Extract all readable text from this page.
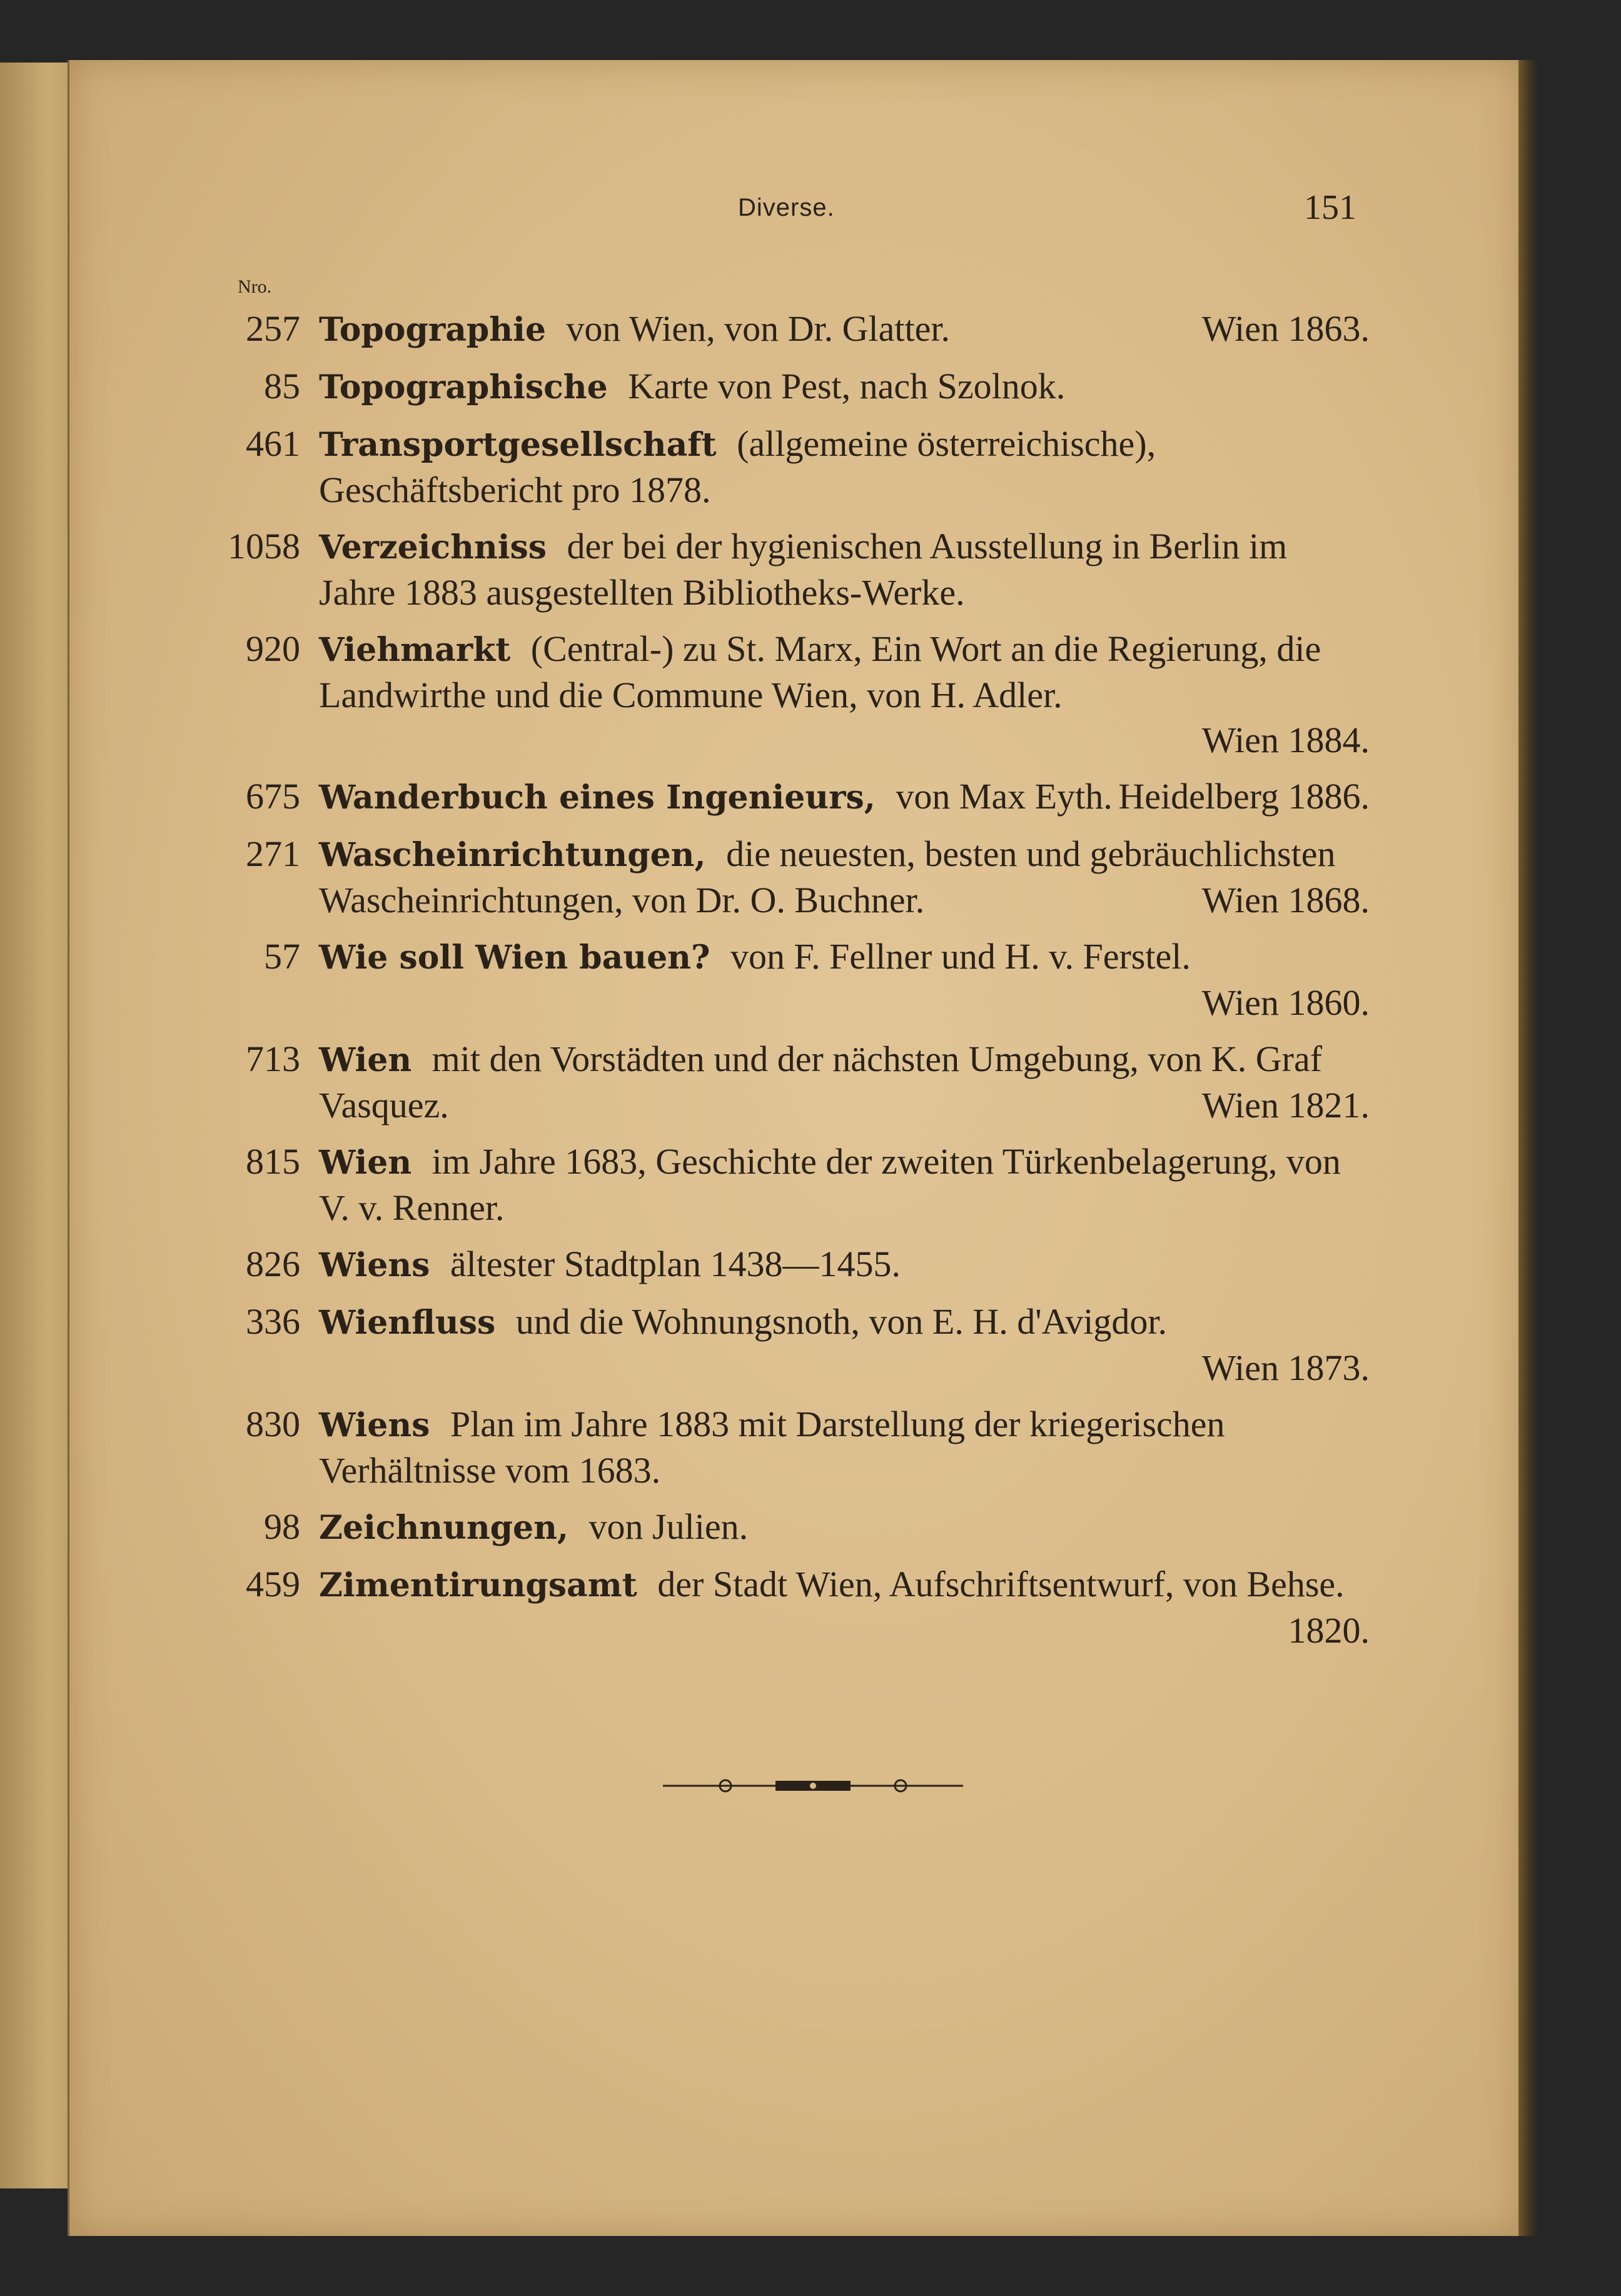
Diverse.	151
Nro.
257 Topographie von Wien, von Dr. Glatter.	Wien 1863.
85 Topographische Karte von Pest, nach Szolnok.
461 Transportgesellschaft (allgemeine österreichische), Geschäftsbericht pro 1878.
1058 Verzeichniss der bei der hygienischen Ausstellung in Berlin im Jahre 1883 ausgestellten Bibliotheks-Werke.
920 Viehmarkt (Central-) zu St. Marx, Ein Wort an die Regierung, die Landwirthe und die Commune Wien, von H. Adler.
Wien 1884.
675 Wanderbuch eines Ingenieurs, von Max Eyth. Heidelberg 1886.
271 Wascheinrichtungen, die neuesten, besten und gebräuchlichsten Wascheinrichtungen, von Dr. O. Buchner.	Wien 1868.
57 Wie soll Wien bauen? von F. Fellner und H. v. Ferstel.
Wien 1860.
713 Wien mit den Vorstädten und der nächsten Umgebung, von K. Graf Vasquez.	Wien 1821.
815 Wien im Jahre 1683, Geschichte der zweiten Türkenbelagerung, von V. v. Renner.
826 Wiens ältester Stadtplan 1438—1455.
336 Wienfluss und die Wohnungsnoth, von E. H. d'Avigdor.
Wien 1873.
830 Wiens Plan im Jahre 1883 mit Darstellung der kriegerischen Verhältnisse vom 1683.
98 Zeichnungen, von Julien.
459 Zimentirungsamt der Stadt Wien, Aufschriftsentwurf, von Behse.
1820.
